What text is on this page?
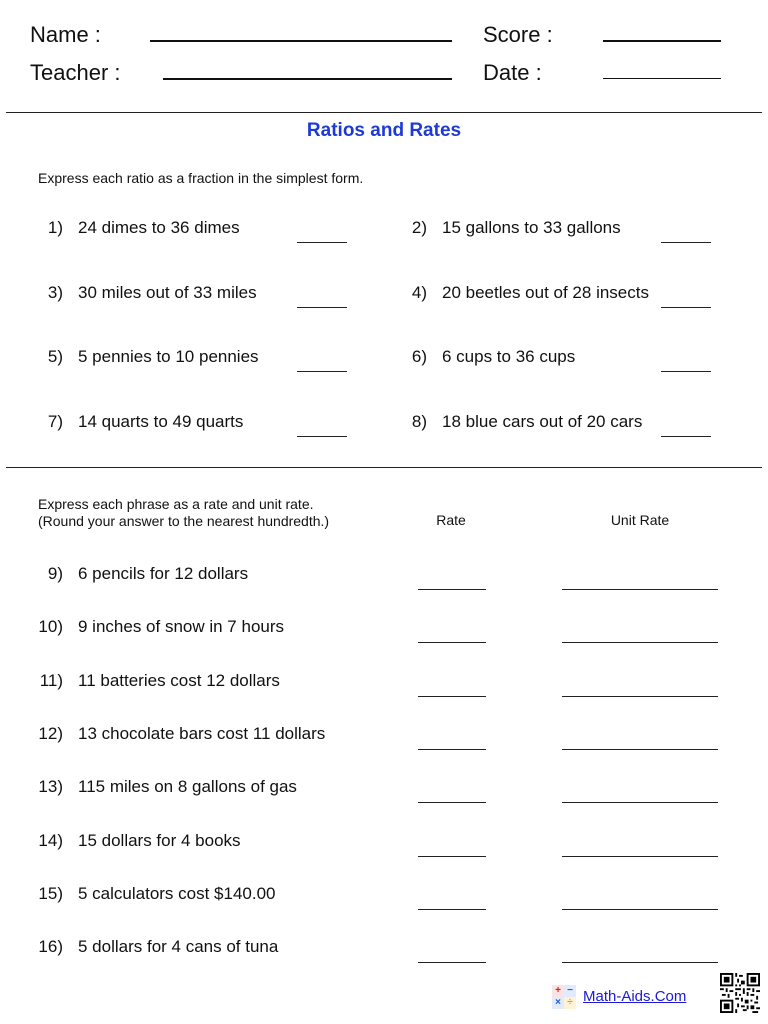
Name :
Teacher :
Score :
Date :
Ratios and Rates
Express each ratio as a fraction in the simplest form.
1) 24 dimes to 36 dimes	2) 15 gallons to 33 gallons
3) 30 miles out of 33 miles	4) 20 beetles out of 28 insects
5) 5 pennies to 10 pennies	6) 6 cups to 36 cups
7) 14 quarts to 49 quarts	8) 18 blue cars out of 20 cars
Express each phrase as a rate and unit rate.
(Round your answer to the nearest hundredth.)	Rate	Unit Rate
9) 6 pencils for 12 dollars
10) 9 inches of snow in 7 hours
11) 11 batteries cost 12 dollars
12) 13 chocolate bars cost 11 dollars
13) 115 miles on 8 gallons of gas
14) 15 dollars for 4 books
15) 5 calculators cost $140.00
16) 5 dollars for 4 cans of tuna
+ −
× ÷ Math-Aids.Com
